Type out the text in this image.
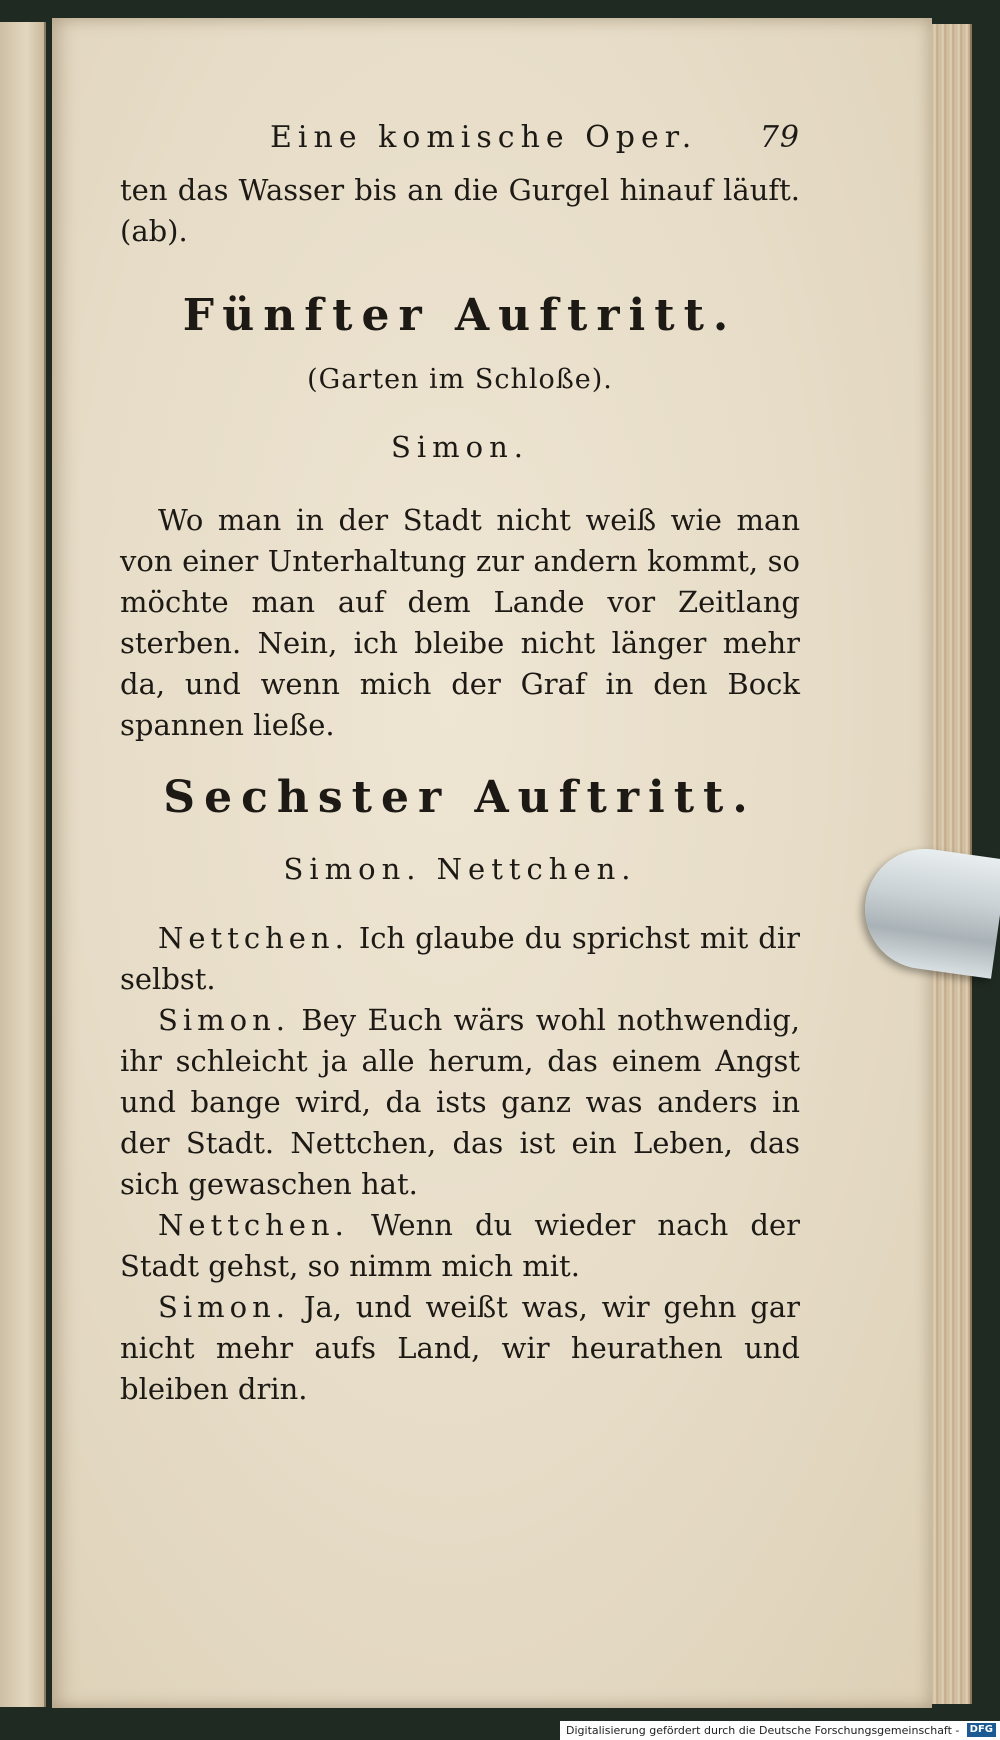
Eine komische Oper. 79

ten das Wasser bis an die Gurgel hinauf läuft. (ab).

Fünfter Auftritt.

(Garten im Schloße).

Simon.

Wo man in der Stadt nicht weiß wie man von einer Unterhaltung zur andern kommt, so möchte man auf dem Lande vor Zeitlang sterben. Nein, ich bleibe nicht länger mehr da, und wenn mich der Graf in den Bock spannen ließe.

Sechster Auftritt.

Simon. Nettchen.

Nettchen. Ich glaube du sprichst mit dir selbst.

Simon. Bey Euch wärs wohl nothwendig, ihr schleicht ja alle herum, das einem Angst und bange wird, da ists ganz was anders in der Stadt. Nettchen, das ist ein Leben, das sich gewaschen hat.

Nettchen. Wenn du wieder nach der Stadt gehst, so nimm mich mit.

Simon. Ja, und weißt was, wir gehn gar nicht mehr aufs Land, wir heurathen und bleiben drin.

Digitalisierung gefördert durch die Deutsche Forschungsgemeinschaft -	DFG
